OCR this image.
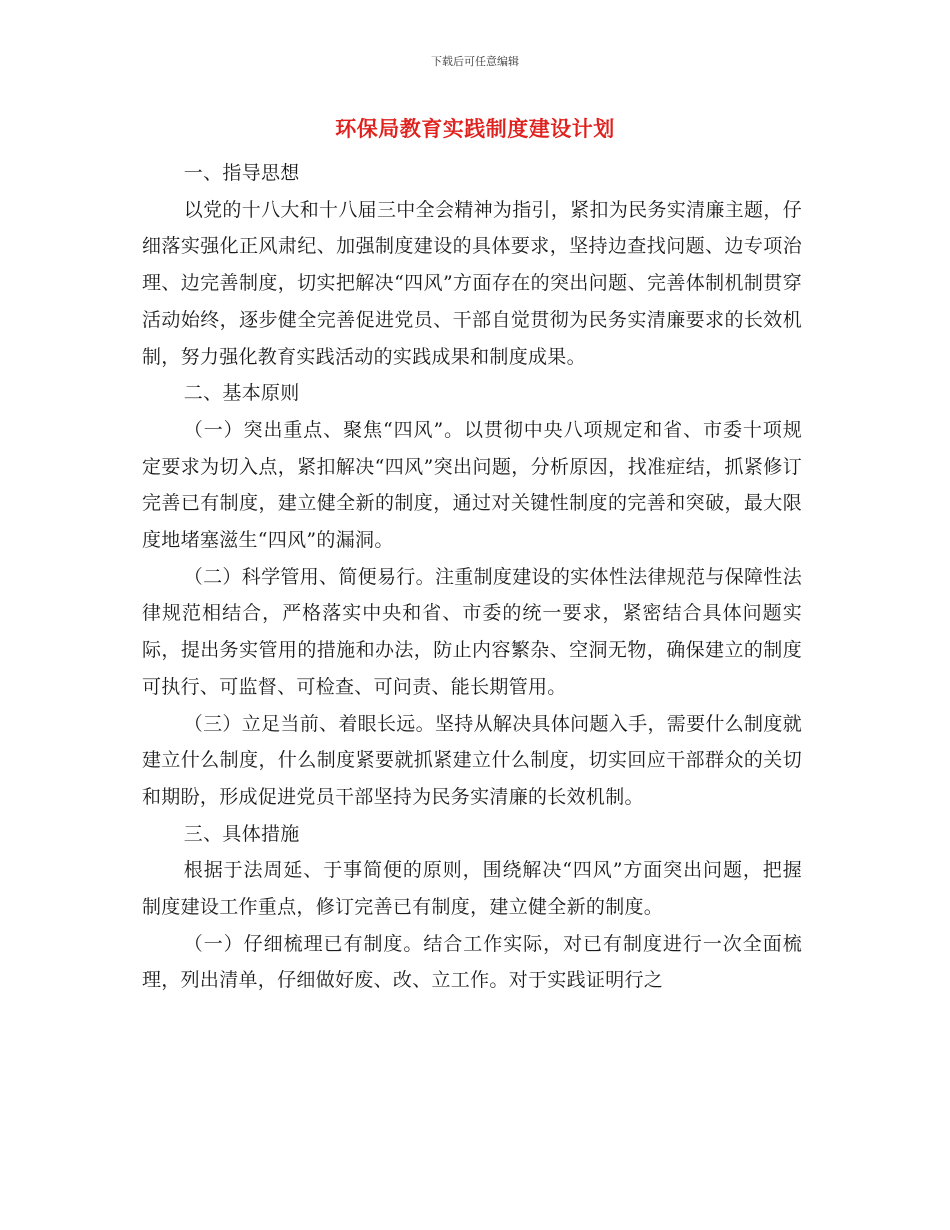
下载后可任意编辑
环保局教育实践制度建设计划

一、指导思想

以党的十八大和十八届三中全会精神为指引，紧扣为民务实清廉主题，仔细落实强化正风肃纪、加强制度建设的具体要求，坚持边查找问题、边专项治理、边完善制度，切实把解决“四风”方面存在的突出问题、完善体制机制贯穿活动始终，逐步健全完善促进党员、干部自觉贯彻为民务实清廉要求的长效机制，努力强化教育实践活动的实践成果和制度成果。

二、基本原则

（一）突出重点、聚焦“四风”。以贯彻中央八项规定和省、市委十项规定要求为切入点，紧扣解决“四风”突出问题，分析原因，找准症结，抓紧修订完善已有制度，建立健全新的制度，通过对关键性制度的完善和突破，最大限度地堵塞滋生“四风”的漏洞。

（二）科学管用、简便易行。注重制度建设的实体性法律规范与保障性法律规范相结合，严格落实中央和省、市委的统一要求，紧密结合具体问题实际，提出务实管用的措施和办法，防止内容繁杂、空洞无物，确保建立的制度可执行、可监督、可检查、可问责、能长期管用。

（三）立足当前、着眼长远。坚持从解决具体问题入手，需要什么制度就建立什么制度，什么制度紧要就抓紧建立什么制度，切实回应干部群众的关切和期盼，形成促进党员干部坚持为民务实清廉的长效机制。

三、具体措施

根据于法周延、于事简便的原则，围绕解决“四风”方面突出问题，把握制度建设工作重点，修订完善已有制度，建立健全新的制度。

（一）仔细梳理已有制度。结合工作实际，对已有制度进行一次全面梳理，列出清单，仔细做好废、改、立工作。对于实践证明行之
